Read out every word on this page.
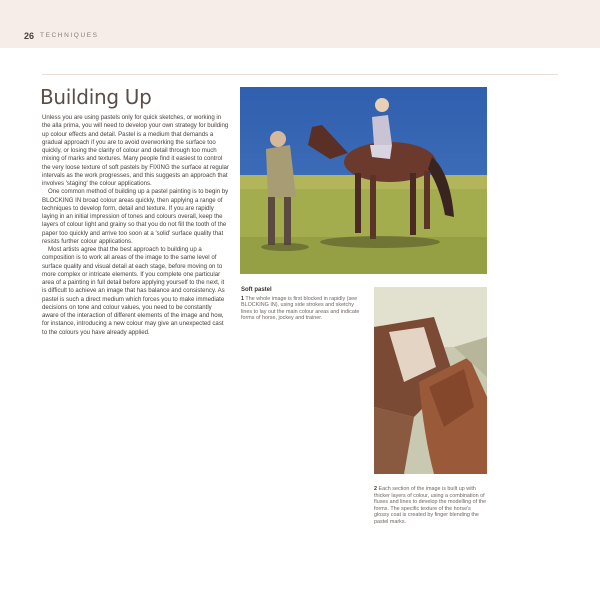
26 TECHNIQUES
Building Up

Unless you are using pastels only for quick sketches, or working in the alla prima, you will need to develop your own strategy for building up colour effects and detail. Pastel is a medium that demands a gradual approach if you are to avoid overworking the surface too quickly, or losing the clarity of colour and detail through too much mixing of marks and textures. Many people find it easiest to control the very loose texture of soft pastels by FIXING the surface at regular intervals as the work progresses, and this suggests an approach that involves 'staging' the colour applications.

One common method of building up a pastel painting is to begin by BLOCKING IN broad colour areas quickly, then applying a range of techniques to develop form, detail and texture. If you are rapidly laying in an initial impression of tones and colours overall, keep the layers of colour light and grainy so that you do not fill the tooth of the paper too quickly and arrive too soon at a 'solid' surface quality that resists further colour applications.

Most artists agree that the best approach to building up a composition is to work all areas of the image to the same level of surface quality and visual detail at each stage, before moving on to more complex or intricate elements. If you complete one particular area of a painting in full detail before applying yourself to the next, it is difficult to achieve an image that has balance and consistency. As pastel is such a direct medium which forces you to make immediate decisions on tone and colour values, you need to be constantly aware of the interaction of different elements of the image and how, for instance, introducing a new colour may give an unexpected cast to the colours you have already applied.

Soft pastel
1 The whole image is first blocked in rapidly (see BLOCKING IN), using side strokes and sketchy lines to lay out the main colour areas and indicate forms of horse, jockey and trainer.
2 Each section of the image is built up with thicker layers of colour, using a combination of fluxes and lines to develop the modelling of the forms. The specific texture of the horse's glossy coat is created by finger blending the pastel marks.
